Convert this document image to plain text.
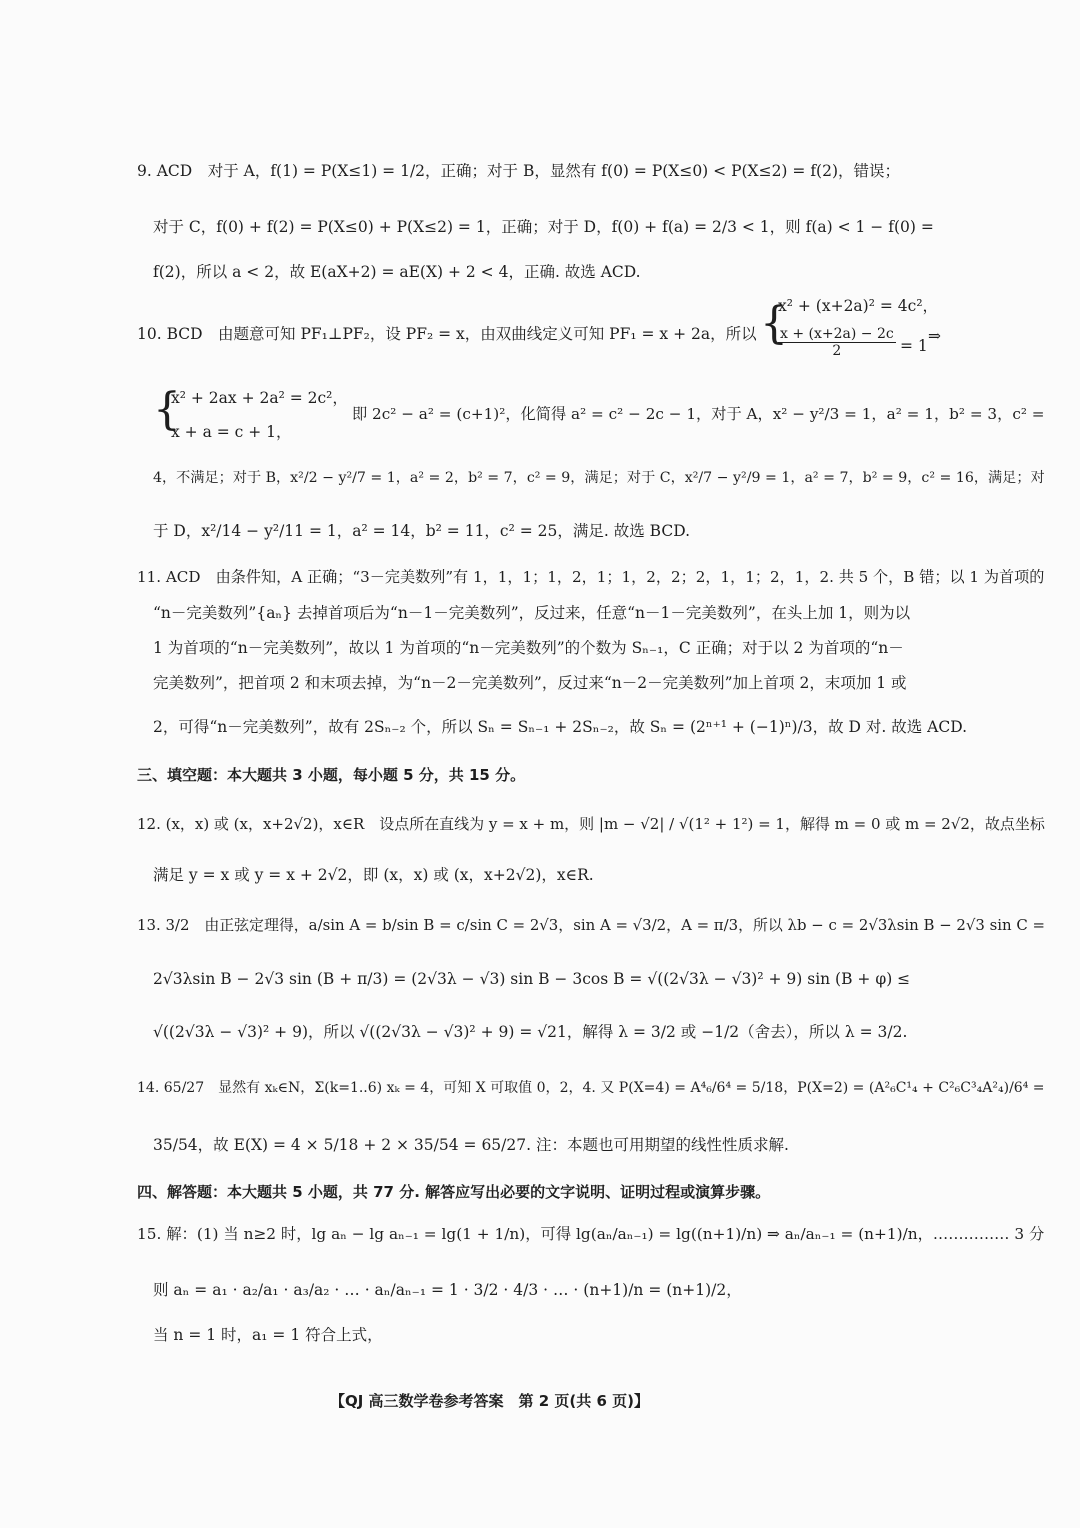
9. ACD　对于 A，f(1) = P(X≤1) = 1/2，正确；对于 B，显然有 f(0) = P(X≤0) < P(X≤2) = f(2)，错误；
对于 C，f(0) + f(2) = P(X≤0) + P(X≤2) = 1，正确；对于 D，f(0) + f(a) = 2/3 < 1，则 f(a) < 1 − f(0) =
f(2)，所以 a < 2，故 E(aX+2) = aE(X) + 2 < 4，正确. 故选 ACD.
10. BCD　由题意可知 PF₁⊥PF₂，设 PF₂ = x，由双曲线定义可知 PF₁ = x + 2a，所以 {
x² + (x+2a)² = 4c²，
$\frac{x + (x+2a) - 2c}{2} = 1$
⇒
{
x² + 2ax + 2a² = 2c²，
x + a = c + 1，
即 2c² − a² = (c+1)²，化简得 a² = c² − 2c − 1，对于 A，x² − y²/3 = 1，a² = 1，b² = 3，c² =
4，不满足；对于 B，x²/2 − y²/7 = 1，a² = 2，b² = 7，c² = 9，满足；对于 C，x²/7 − y²/9 = 1，a² = 7，b² = 9，c² = 16，满足；对
于 D，x²/14 − y²/11 = 1，a² = 14，b² = 11，c² = 25，满足. 故选 BCD.
11. ACD　由条件知，A 正确；“3－完美数列”有 1，1，1；1，2，1；1，2，2；2，1，1；2，1，2. 共 5 个，B 错；以 1 为首项的
“n－完美数列”{aₙ} 去掉首项后为“n－1－完美数列”，反过来，任意“n－1－完美数列”，在头上加 1，则为以
1 为首项的“n－完美数列”，故以 1 为首项的“n－完美数列”的个数为 Sₙ₋₁，C 正确；对于以 2 为首项的“n－
完美数列”，把首项 2 和末项去掉，为“n－2－完美数列”，反过来“n－2－完美数列”加上首项 2，末项加 1 或
2，可得“n－完美数列”，故有 2Sₙ₋₂ 个，所以 Sₙ = Sₙ₋₁ + 2Sₙ₋₂，故 Sₙ = (2ⁿ⁺¹ + (−1)ⁿ)/3，故 D 对. 故选 ACD.
三、填空题：本大题共 3 小题，每小题 5 分，共 15 分。
12. (x，x) 或 (x，x+2√2)，x∈R　设点所在直线为 y = x + m，则 |m − √2| / √(1² + 1²) = 1，解得 m = 0 或 m = 2√2，故点坐标
满足 y = x 或 y = x + 2√2，即 (x，x) 或 (x，x+2√2)，x∈R.
13. 3/2　由正弦定理得，a/sin A = b/sin B = c/sin C = 2√3，sin A = √3/2，A = π/3，所以 λb − c = 2√3λsin B − 2√3 sin C =
2√3λsin B − 2√3 sin (B + π/3) = (2√3λ − √3) sin B − 3cos B = √((2√3λ − √3)² + 9) sin (B + φ) ≤
√((2√3λ − √3)² + 9)，所以 √((2√3λ − √3)² + 9) = √21，解得 λ = 3/2 或 −1/2（舍去），所以 λ = 3/2.
14. 65/27　显然有 xₖ∈N，Σ(k=1..6) xₖ = 4，可知 X 可取值 0，2，4. 又 P(X=4) = A⁴₆/6⁴ = 5/18，P(X=2) = (A²₆C¹₄ + C²₆C³₄A²₄)/6⁴ =
35/54，故 E(X) = 4 × 5/18 + 2 × 35/54 = 65/27. 注：本题也可用期望的线性性质求解.
四、解答题：本大题共 5 小题，共 77 分. 解答应写出必要的文字说明、证明过程或演算步骤。
15. 解：(1) 当 n≥2 时，lg aₙ − lg aₙ₋₁ = lg(1 + 1/n)，可得 lg(aₙ/aₙ₋₁) = lg((n+1)/n) ⇒ aₙ/aₙ₋₁ = (n+1)/n，…………… 3 分
则 aₙ = a₁ · a₂/a₁ · a₃/a₂ · … · aₙ/aₙ₋₁ = 1 · 3/2 · 4/3 · … · (n+1)/n = (n+1)/2，
当 n = 1 时，a₁ = 1 符合上式，
【QJ 高三数学卷参考答案　第 2 页(共 6 页)】
